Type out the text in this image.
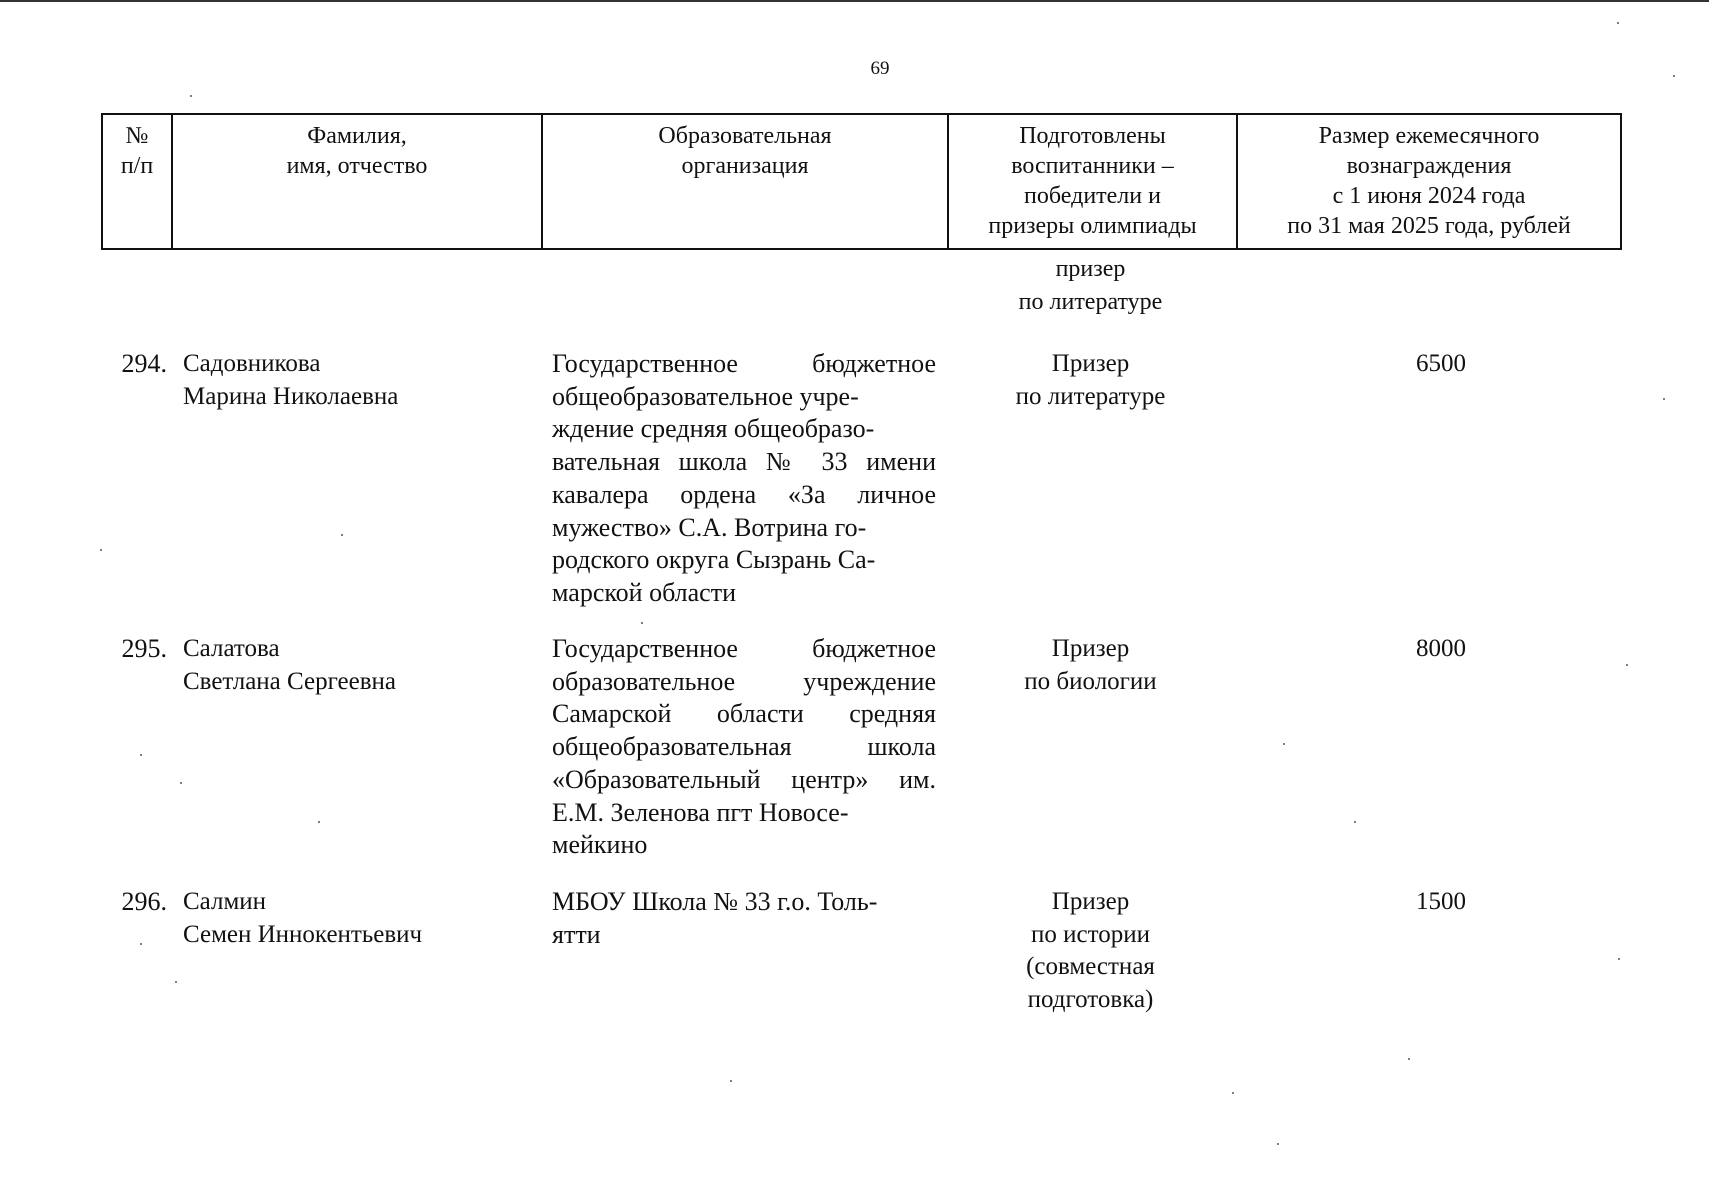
69
№
п/п
Фамилия,
имя, отчество
Образовательная
организация
Подготовлены
воспитанники –
победители и
призеры олимпиады
Размер ежемесячного
вознаграждения
с 1 июня 2024 года
по 31 мая 2025 года, рублей
призер
по литературе
294. Садовникова
Марина Николаевна
Государственное бюджетное общеобразовательное учре-
ждение средняя общеобразо-
вательная школа № 33 имени кавалера ордена «За личное мужество» С.А. Вотрина го-
родского округа Сызрань Са-
марской области
Призер
по литературе
6500
295. Салатова
Светлана Сергеевна
Государственное бюджетное образовательное учреждение Самарской области средняя общеобразовательная школа «Образовательный центр» им. Е.М. Зеленова пгт Новосе-
мейкино
Призер
по биологии
8000
296. Салмин
Семен Иннокентьевич
МБОУ Школа № 33 г.о. Толь-
ятти
Призер
по истории
(совместная
подготовка)
1500
